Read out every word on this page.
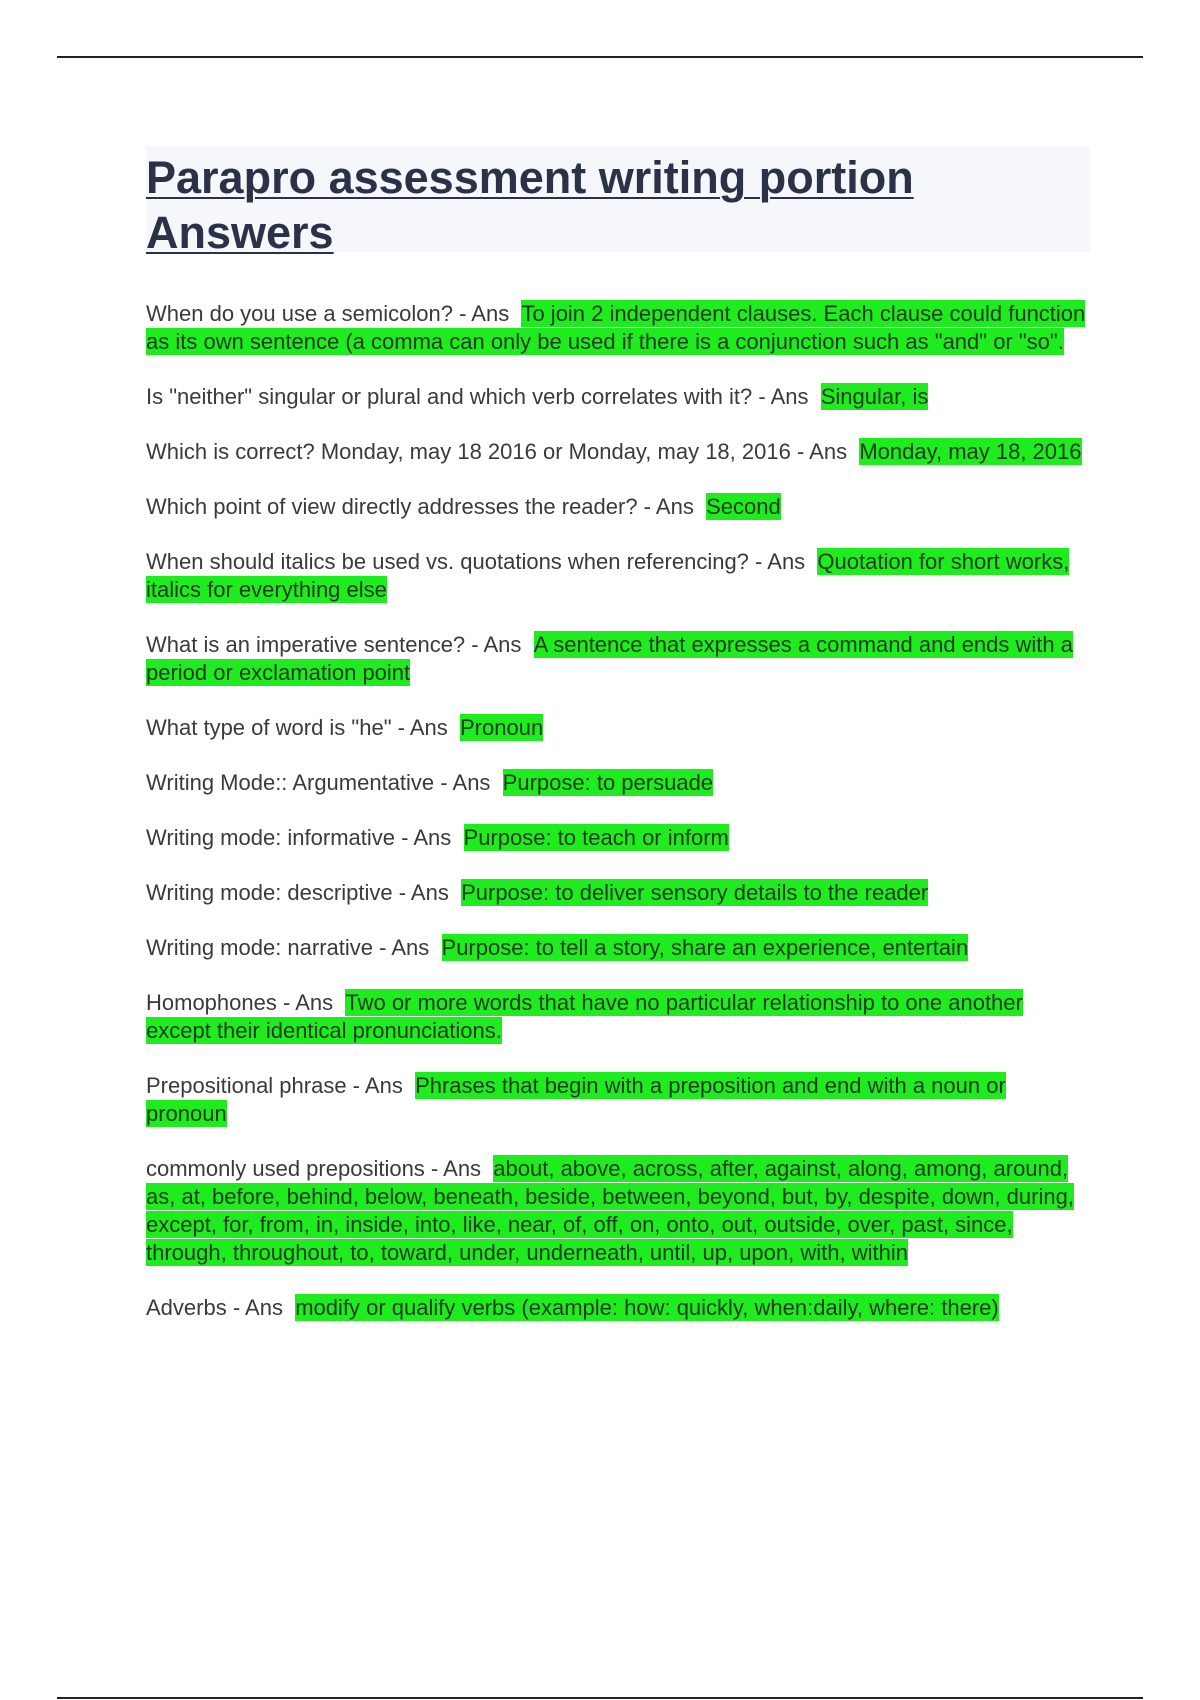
Parapro assessment writing portion Answers

When do you use a semicolon? - Ans To join 2 independent clauses. Each clause could function as its own sentence (a comma can only be used if there is a conjunction such as "and" or "so".

Is "neither" singular or plural and which verb correlates with it? - Ans Singular, is

Which is correct? Monday, may 18 2016 or Monday, may 18, 2016 - Ans Monday, may 18, 2016

Which point of view directly addresses the reader? - Ans Second

When should italics be used vs. quotations when referencing? - Ans Quotation for short works, italics for everything else

What is an imperative sentence? - Ans A sentence that expresses a command and ends with a period or exclamation point

What type of word is "he" - Ans Pronoun

Writing Mode:: Argumentative - Ans Purpose: to persuade

Writing mode: informative - Ans Purpose: to teach or inform

Writing mode: descriptive - Ans Purpose: to deliver sensory details to the reader

Writing mode: narrative - Ans Purpose: to tell a story, share an experience, entertain

Homophones - Ans Two or more words that have no particular relationship to one another except their identical pronunciations.

Prepositional phrase - Ans Phrases that begin with a preposition and end with a noun or pronoun

commonly used prepositions - Ans about, above, across, after, against, along, among, around, as, at, before, behind, below, beneath, beside, between, beyond, but, by, despite, down, during, except, for, from, in, inside, into, like, near, of, off, on, onto, out, outside, over, past, since, through, throughout, to, toward, under, underneath, until, up, upon, with, within

Adverbs - Ans modify or qualify verbs (example: how: quickly, when:daily, where: there)
